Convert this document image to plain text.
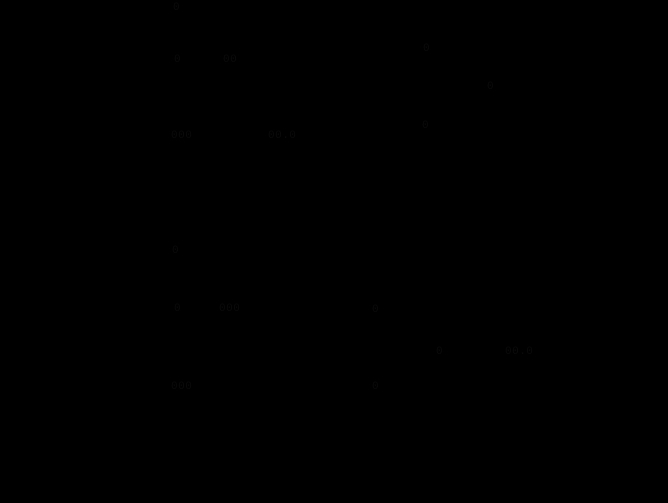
0
0
0	00
0
0
000	00.0
0
0	000	0
0	00.0
000	0
